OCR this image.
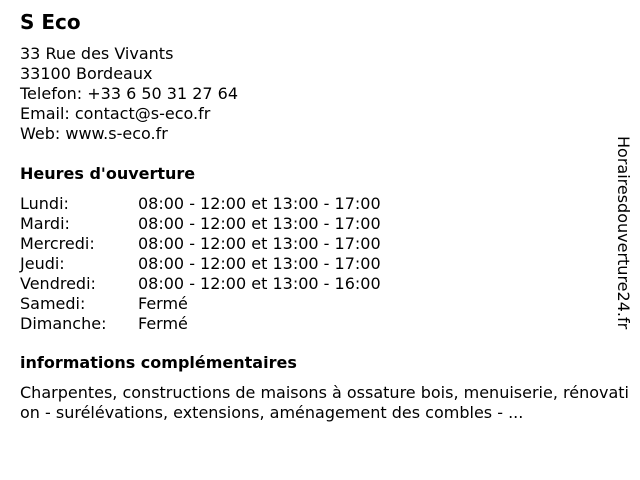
S Eco
33 Rue des Vivants
33100 Bordeaux
Telefon: +33 6 50 31 27 64
Email: contact@s-eco.fr
Web: www.s-eco.fr
Heures d'ouverture
Lundi:	08:00 - 12:00 et 13:00 - 17:00
Mardi:	08:00 - 12:00 et 13:00 - 17:00
Mercredi:	08:00 - 12:00 et 13:00 - 17:00
Jeudi:	08:00 - 12:00 et 13:00 - 17:00
Vendredi:	08:00 - 12:00 et 13:00 - 16:00
Samedi:	Fermé
Dimanche: Fermé
informations complémentaires
Charpentes, constructions de maisons à ossature bois, menuiserie, rénovation - surélévations, extensions, aménagement des combles - ...
Horairesdouverture24.fr
